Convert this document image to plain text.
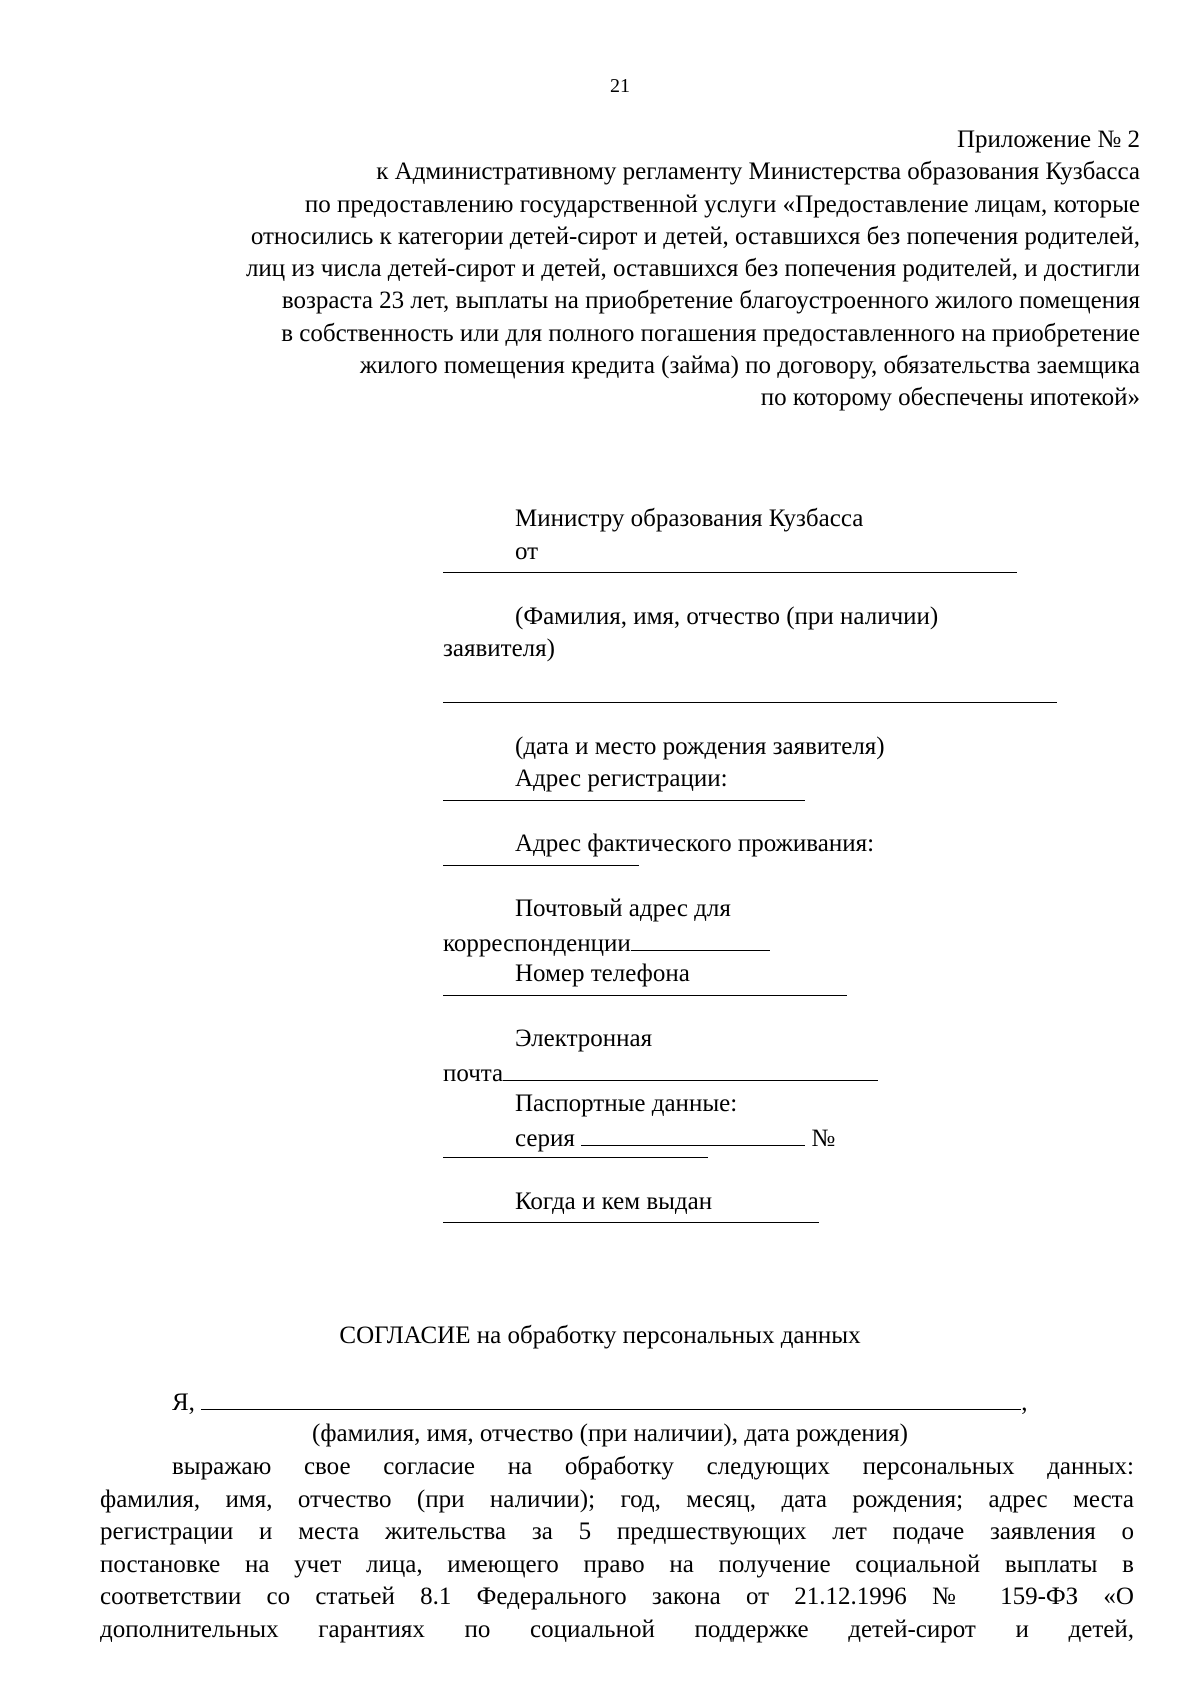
21
Приложение № 2
к Административному регламенту Министерства образования Кузбасса
по предоставлению государственной услуги «Предоставление лицам, которые
относились к категории детей-сирот и детей, оставшихся без попечения родителей,
лиц из числа детей-сирот и детей, оставшихся без попечения родителей, и достигли
возраста 23 лет, выплаты на приобретение благоустроенного жилого помещения
в собственность или для полного погашения предоставленного на приобретение
жилого помещения кредита (займа) по договору, обязательства заемщика
по которому обеспечены ипотекой»
Министру образования Кузбасса
от
(Фамилия, имя, отчество (при наличии)
заявителя)
(дата и место рождения заявителя)
Адрес регистрации:
Адрес фактического проживания:
Почтовый адрес для
корреспонденции
Номер телефона
Электронная
почта
Паспортные данные:
серия	№
Когда и кем выдан
СОГЛАСИЕ на обработку персональных данных
Я,	,
(фамилия, имя, отчество (при наличии), дата рождения)
выражаю свое согласие на обработку следующих персональных данных:
фамилия, имя, отчество (при наличии); год, месяц, дата рождения; адрес места
регистрации и места жительства за 5 предшествующих лет подаче заявления о
постановке на учет лица, имеющего право на получение социальной выплаты в
соответствии со статьей 8.1 Федерального закона от 21.12.1996 № 159-ФЗ «О
дополнительных гарантиях по социальной поддержке детей-сирот и детей,
